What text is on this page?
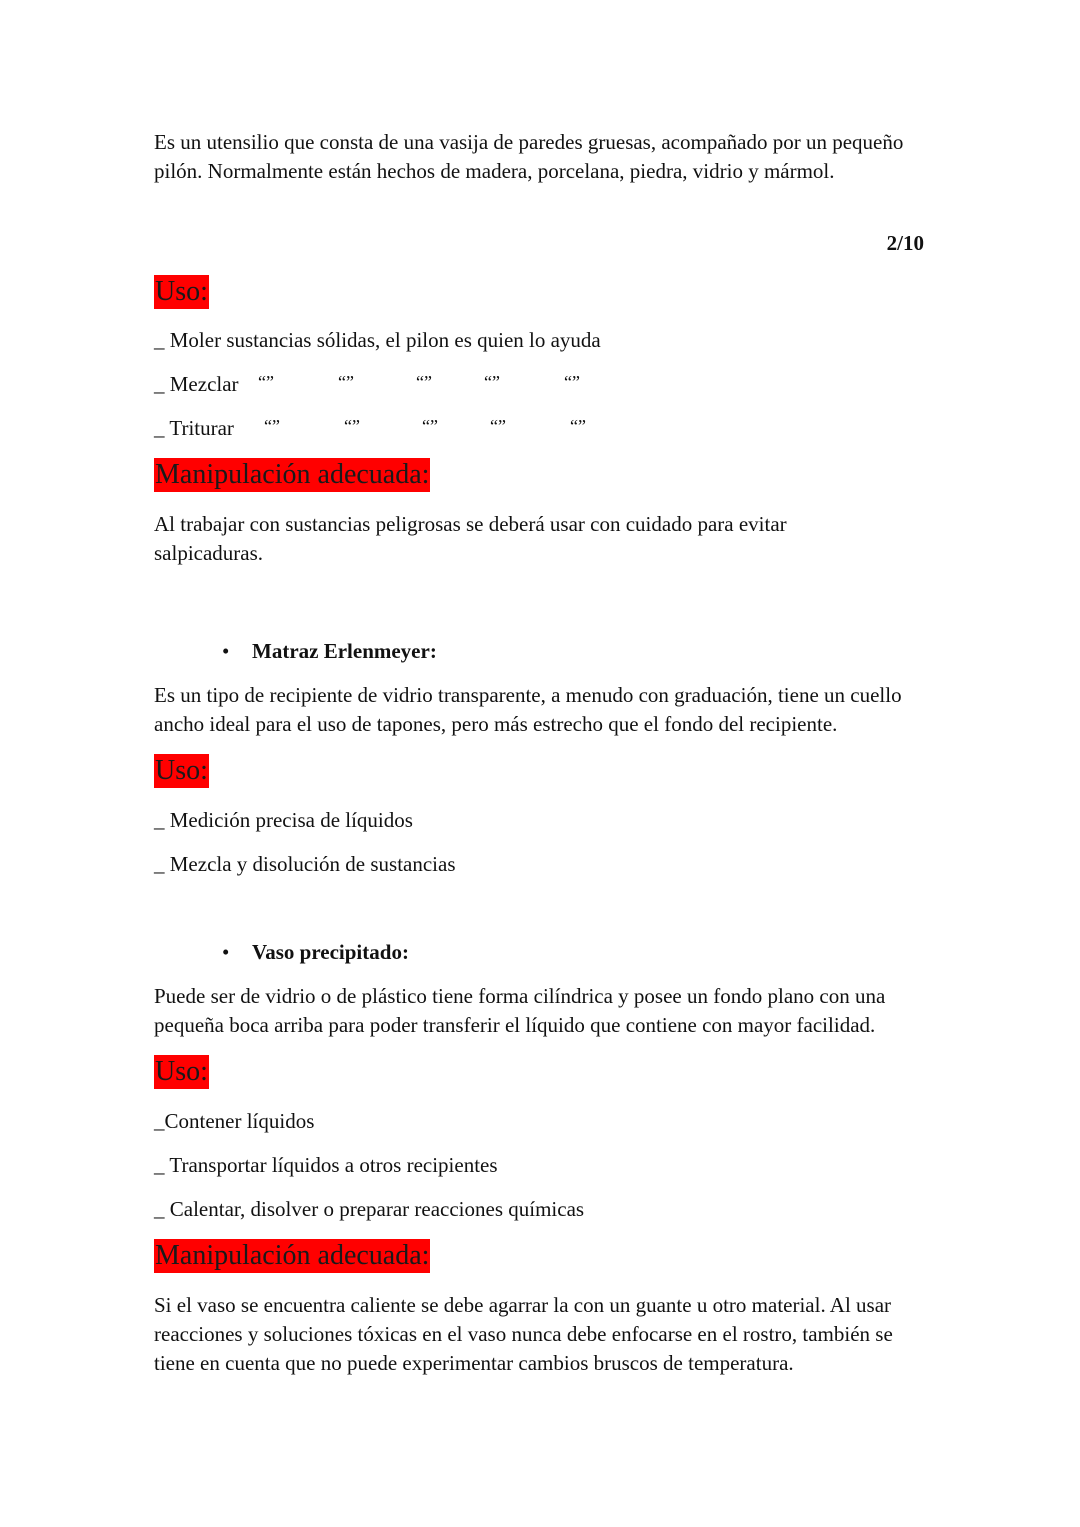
Es un utensilio que consta de una vasija de paredes gruesas, acompañado por un pequeño pilón. Normalmente están hechos de madera, porcelana, piedra, vidrio y mármol.

2/10
Uso:
_ Moler sustancias sólidas, el pilon es quien lo ayuda
_ Mezclar “”	“”	“”	“”	“”
_ Triturar “”	“”	“”	“”	“”
Manipulación adecuada:

Al trabajar con sustancias peligrosas se deberá usar con cuidado para evitar salpicaduras.

• Matraz Erlenmeyer:

Es un tipo de recipiente de vidrio transparente, a menudo con graduación, tiene un cuello ancho ideal para el uso de tapones, pero más estrecho que el fondo del recipiente.

Uso:
_ Medición precisa de líquidos
_ Mezcla y disolución de sustancias
• Vaso precipitado:

Puede ser de vidrio o de plástico tiene forma cilíndrica y posee un fondo plano con una pequeña boca arriba para poder transferir el líquido que contiene con mayor facilidad.

Uso:
_Contener líquidos
_ Transportar líquidos a otros recipientes
_ Calentar, disolver o preparar reacciones químicas
Manipulación adecuada:

Si el vaso se encuentra caliente se debe agarrar la con un guante u otro material. Al usar reacciones y soluciones tóxicas en el vaso nunca debe enfocarse en el rostro, también se tiene en cuenta que no puede experimentar cambios bruscos de temperatura.
